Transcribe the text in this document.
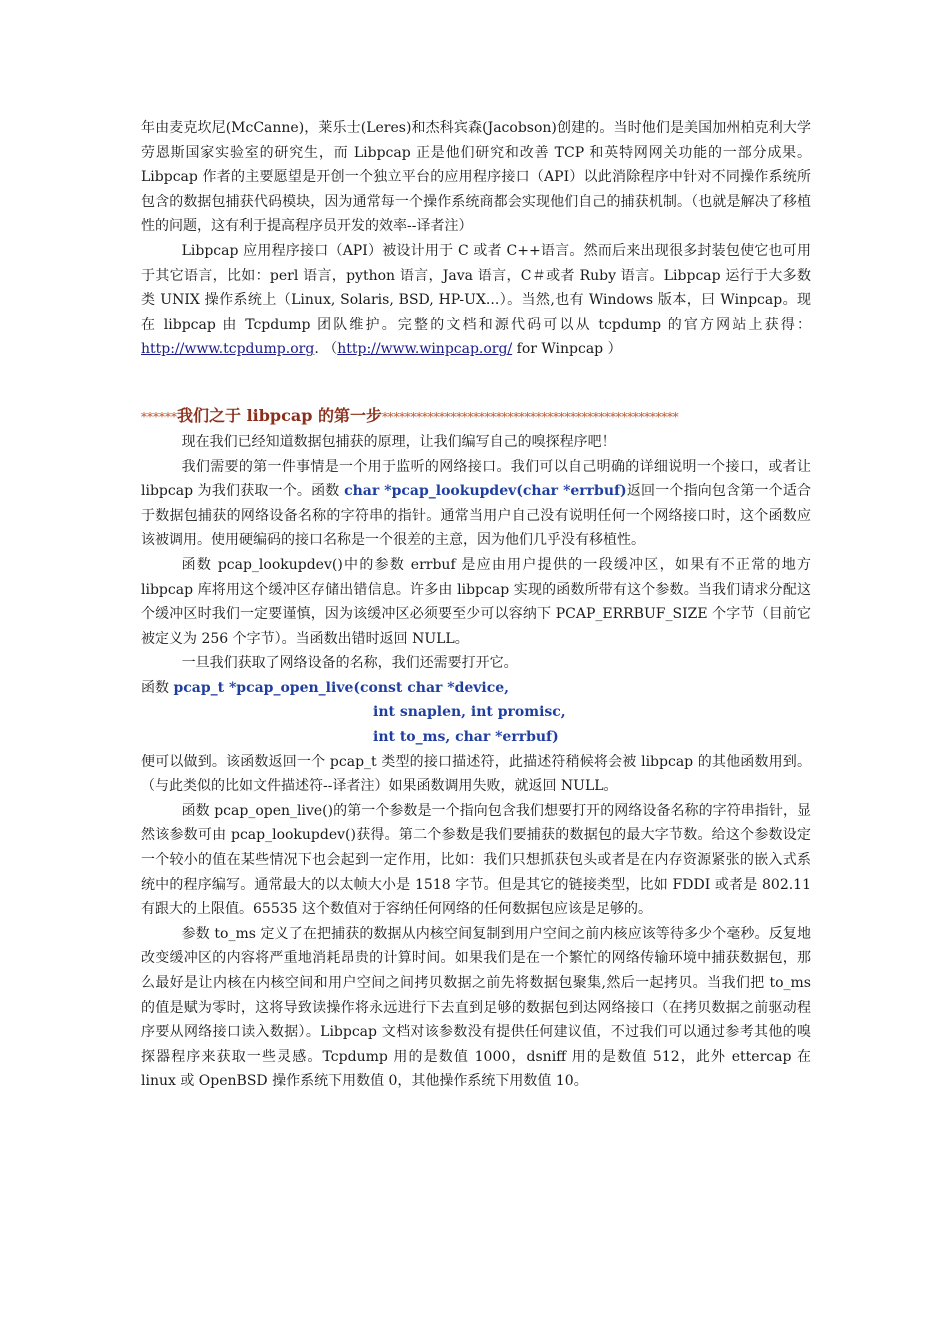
年由麦克坎尼(McCanne)，莱乐士(Leres)和杰科宾森(Jacobson)创建的。当时他们是美国加州柏克利大学劳恩斯国家实验室的研究生，而 Libpcap 正是他们研究和改善 TCP 和英特网网关功能的一部分成果。Libpcap 作者的主要愿望是开创一个独立平台的应用程序接口（API）以此消除程序中针对不同操作系统所包含的数据包捕获代码模块，因为通常每一个操作系统商都会实现他们自己的捕获机制。（也就是解决了移植性的问题，这有利于提高程序员开发的效率--译者注）

Libpcap 应用程序接口（API）被设计用于 C 或者 C++语言。然而后来出现很多封装包使它也可用于其它语言，比如：perl 语言，python 语言，Java 语言，C＃或者 Ruby 语言。Libpcap 运行于大多数类 UNIX 操作系统上（Linux, Solaris, BSD, HP-UX...）。当然,也有 Windows 版本，曰 Winpcap。现在 libpcap 由 Tcpdump 团队维护。完整的文档和源代码可以从 tcpdump 的官方网站上获得：http://www.tcpdump.org. （http://www.winpcap.org/ for Winpcap ）

******我们之于 libpcap 的第一步****************************************************

现在我们已经知道数据包捕获的原理，让我们编写自己的嗅探程序吧！

我们需要的第一件事情是一个用于监听的网络接口。我们可以自己明确的详细说明一个接口，或者让 libpcap 为我们获取一个。函数 char *pcap_lookupdev(char *errbuf)返回一个指向包含第一个适合于数据包捕获的网络设备名称的字符串的指针。通常当用户自己没有说明任何一个网络接口时，这个函数应该被调用。使用硬编码的接口名称是一个很差的主意，因为他们几乎没有移植性。

函数 pcap_lookupdev()中的参数 errbuf 是应由用户提供的一段缓冲区，如果有不正常的地方 libpcap 库将用这个缓冲区存储出错信息。许多由 libpcap 实现的函数所带有这个参数。当我们请求分配这个缓冲区时我们一定要谨慎，因为该缓冲区必须要至少可以容纳下 PCAP_ERRBUF_SIZE 个字节（目前它被定义为 256 个字节）。当函数出错时返回 NULL。

一旦我们获取了网络设备的名称，我们还需要打开它。

函数 pcap_t *pcap_open_live(const char *device,
int snaplen, int promisc,
int to_ms, char *errbuf)

便可以做到。该函数返回一个 pcap_t 类型的接口描述符，此描述符稍候将会被 libpcap 的其他函数用到。（与此类似的比如文件描述符--译者注）如果函数调用失败，就返回 NULL。

函数 pcap_open_live()的第一个参数是一个指向包含我们想要打开的网络设备名称的字符串指针，显然该参数可由 pcap_lookupdev()获得。第二个参数是我们要捕获的数据包的最大字节数。给这个参数设定一个较小的值在某些情况下也会起到一定作用，比如：我们只想抓获包头或者是在内存资源紧张的嵌入式系统中的程序编写。通常最大的以太帧大小是 1518 字节。但是其它的链接类型，比如 FDDI 或者是 802.11 有跟大的上限值。65535 这个数值对于容纳任何网络的任何数据包应该是足够的。

参数 to_ms 定义了在把捕获的数据从内核空间复制到用户空间之前内核应该等待多少个毫秒。反复地改变缓冲区的内容将严重地消耗昂贵的计算时间。如果我们是在一个繁忙的网络传输环境中捕获数据包，那么最好是让内核在内核空间和用户空间之间拷贝数据之前先将数据包聚集,然后一起拷贝。当我们把 to_ms 的值是赋为零时，这将导致读操作将永远进行下去直到足够的数据包到达网络接口（在拷贝数据之前驱动程序要从网络接口读入数据）。Libpcap 文档对该参数没有提供任何建议值，不过我们可以通过参考其他的嗅探器程序来获取一些灵感。Tcpdump 用的是数值 1000，dsniff 用的是数值 512，此外 ettercap 在 linux 或 OpenBSD 操作系统下用数值 0，其他操作系统下用数值 10。
